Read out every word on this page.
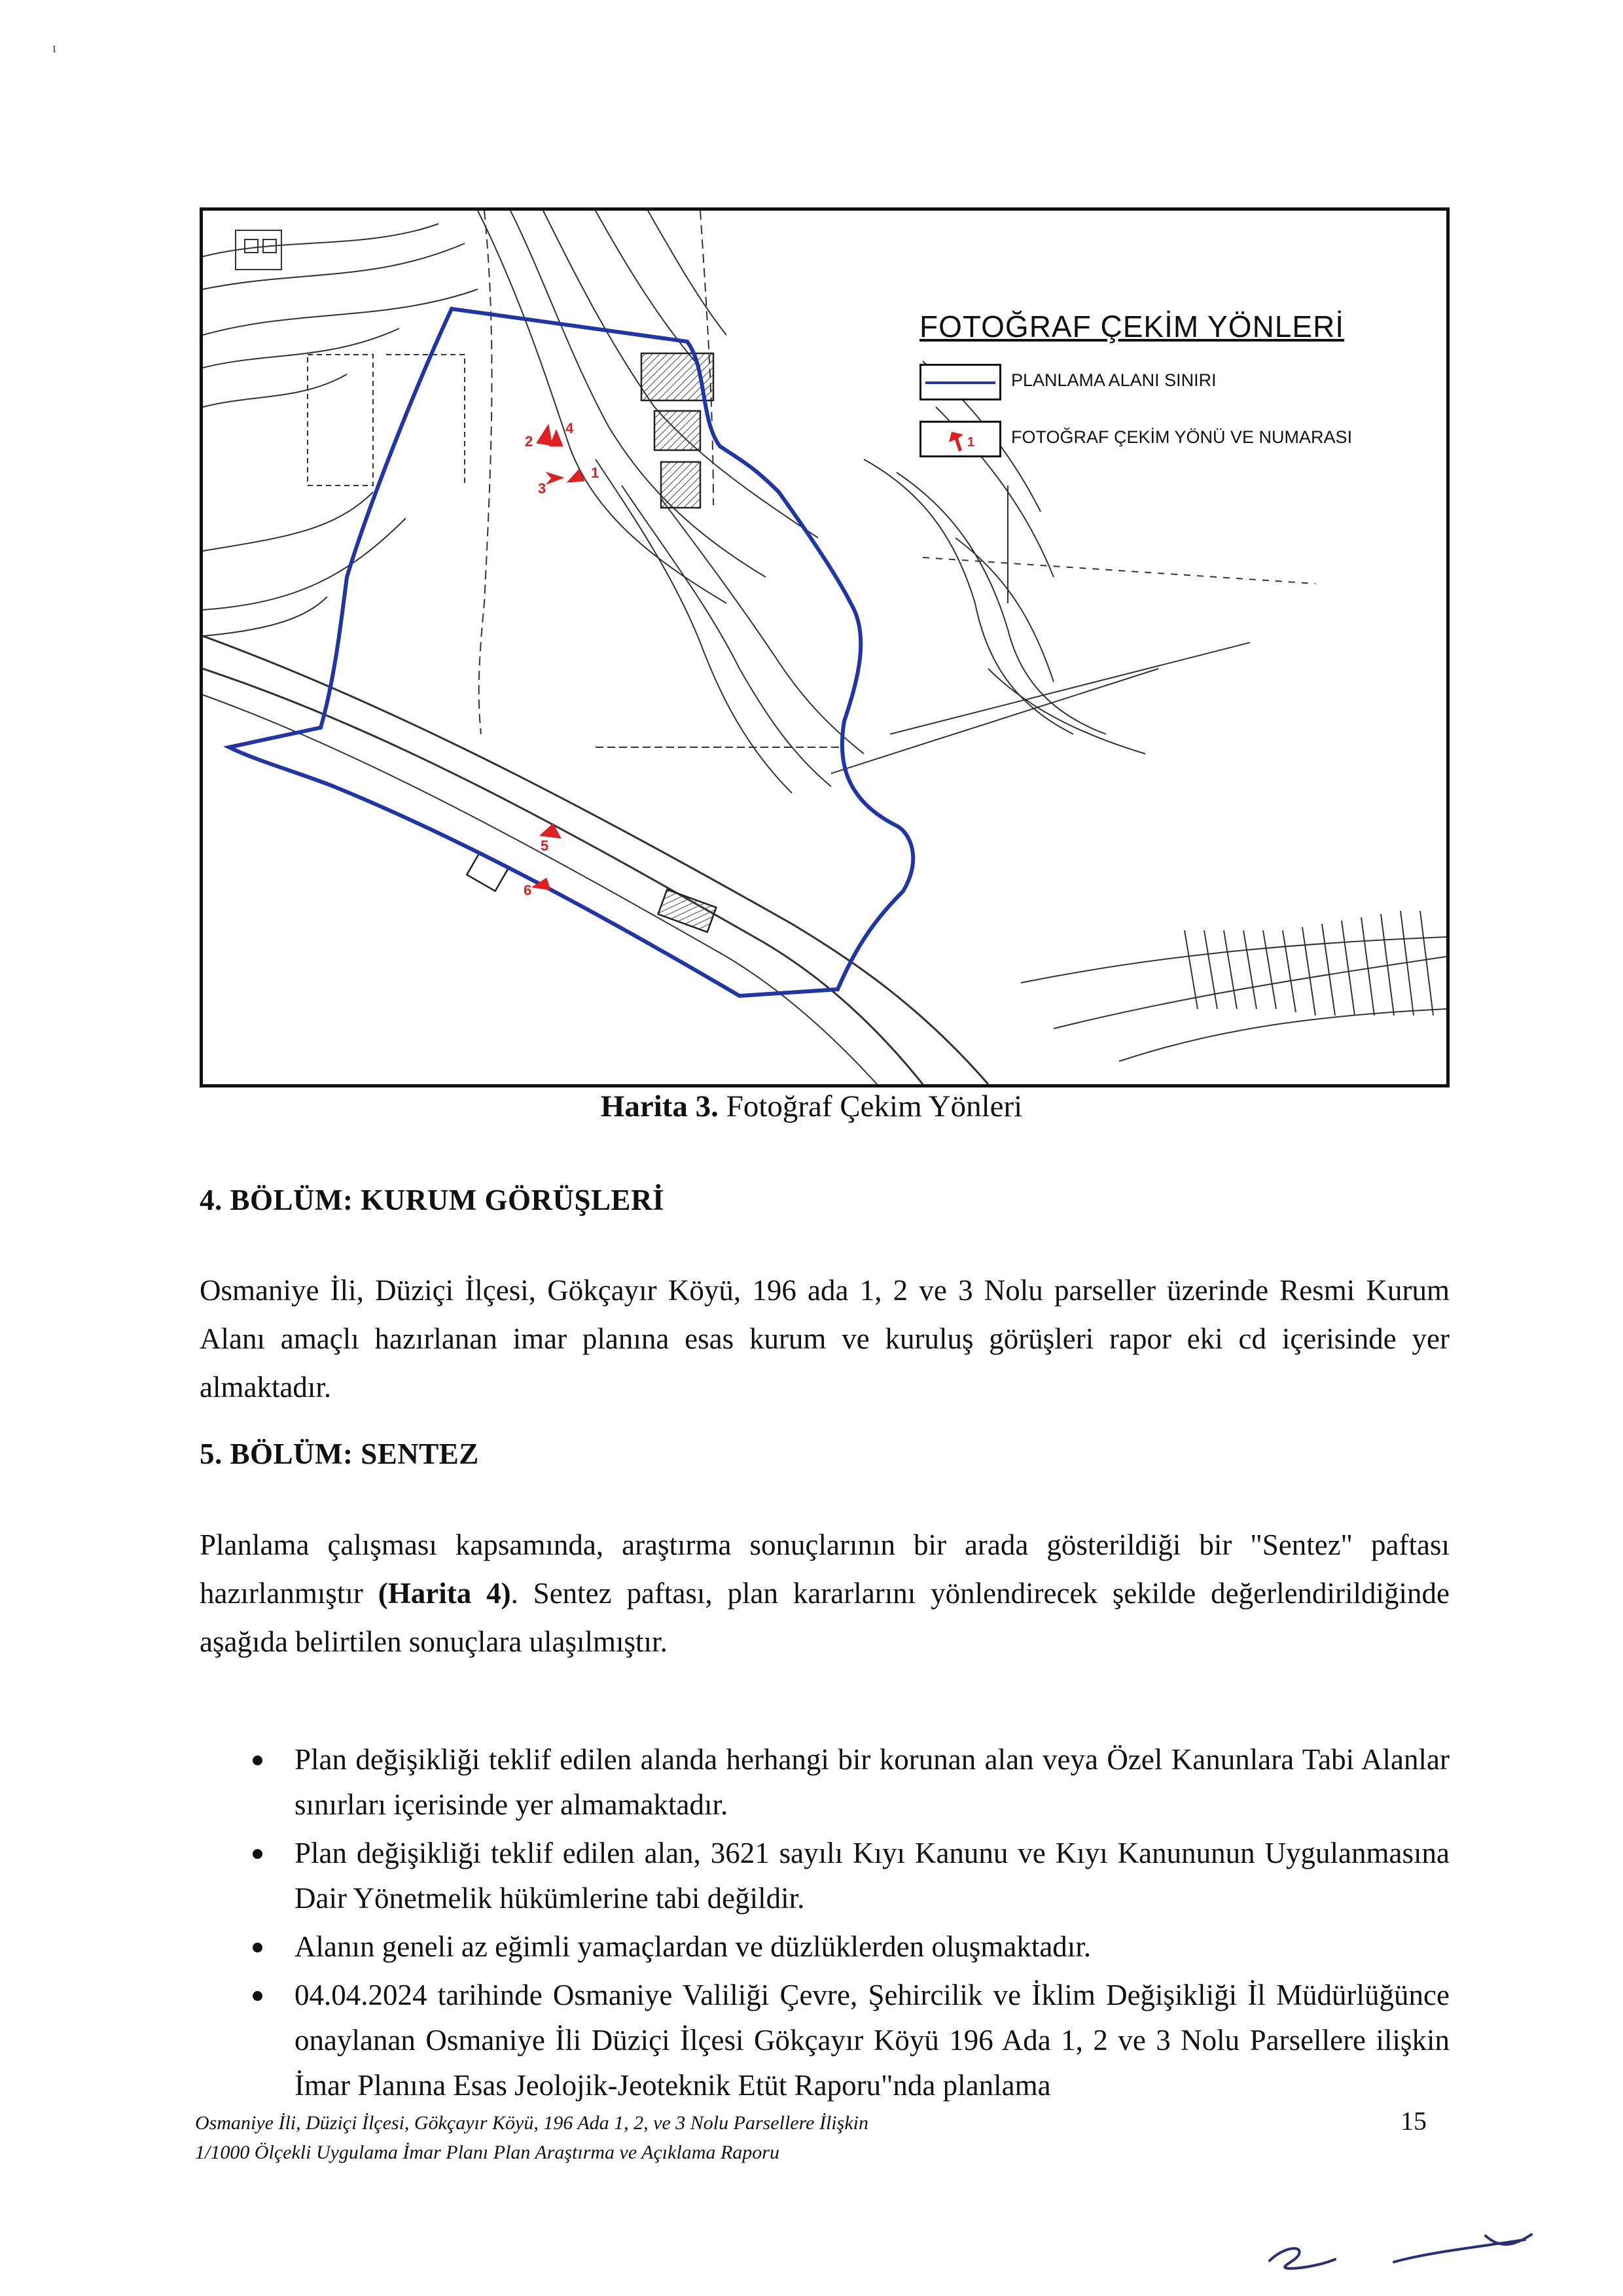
1
2
3
4
5
6
FOTOĞRAF ÇEKİM YÖNLERİ
PLANLAMA ALANI SINIRI
1 FOTOĞRAF ÇEKİM YÖNÜ VE NUMARASI
Harita 3. Fotoğraf Çekim Yönleri
4. BÖLÜM: KURUM GÖRÜŞLERİ

Osmaniye İli, Düziçi İlçesi, Gökçayır Köyü, 196 ada 1, 2 ve 3 Nolu parseller üzerinde Resmi Kurum Alanı amaçlı hazırlanan imar planına esas kurum ve kuruluş görüşleri rapor eki cd içerisinde yer almaktadır.

5. BÖLÜM: SENTEZ

Planlama çalışması kapsamında, araştırma sonuçlarının bir arada gösterildiği bir "Sentez" paftası hazırlanmıştır (Harita 4). Sentez paftası, plan kararlarını yönlendirecek şekilde değerlendirildiğinde aşağıda belirtilen sonuçlara ulaşılmıştır.

Plan değişikliği teklif edilen alanda herhangi bir korunan alan veya Özel Kanunlara Tabi Alanlar sınırları içerisinde yer almamaktadır.
Plan değişikliği teklif edilen alan, 3621 sayılı Kıyı Kanunu ve Kıyı Kanununun Uygulanmasına Dair Yönetmelik hükümlerine tabi değildir.
Alanın geneli az eğimli yamaçlardan ve düzlüklerden oluşmaktadır.
04.04.2024 tarihinde Osmaniye Valiliği Çevre, Şehircilik ve İklim Değişikliği İl Müdürlüğünce onaylanan Osmaniye İli Düziçi İlçesi Gökçayır Köyü 196 Ada 1, 2 ve 3 Nolu Parsellere ilişkin İmar Planına Esas Jeolojik-Jeoteknik Etüt Raporu"nda planlama
Osmaniye İli, Düziçi İlçesi, Gökçayır Köyü, 196 Ada 1, 2, ve 3 Nolu Parsellere İlişkin
1/1000 Ölçekli Uygulama İmar Planı Plan Araştırma ve Açıklama Raporu
15
ı
